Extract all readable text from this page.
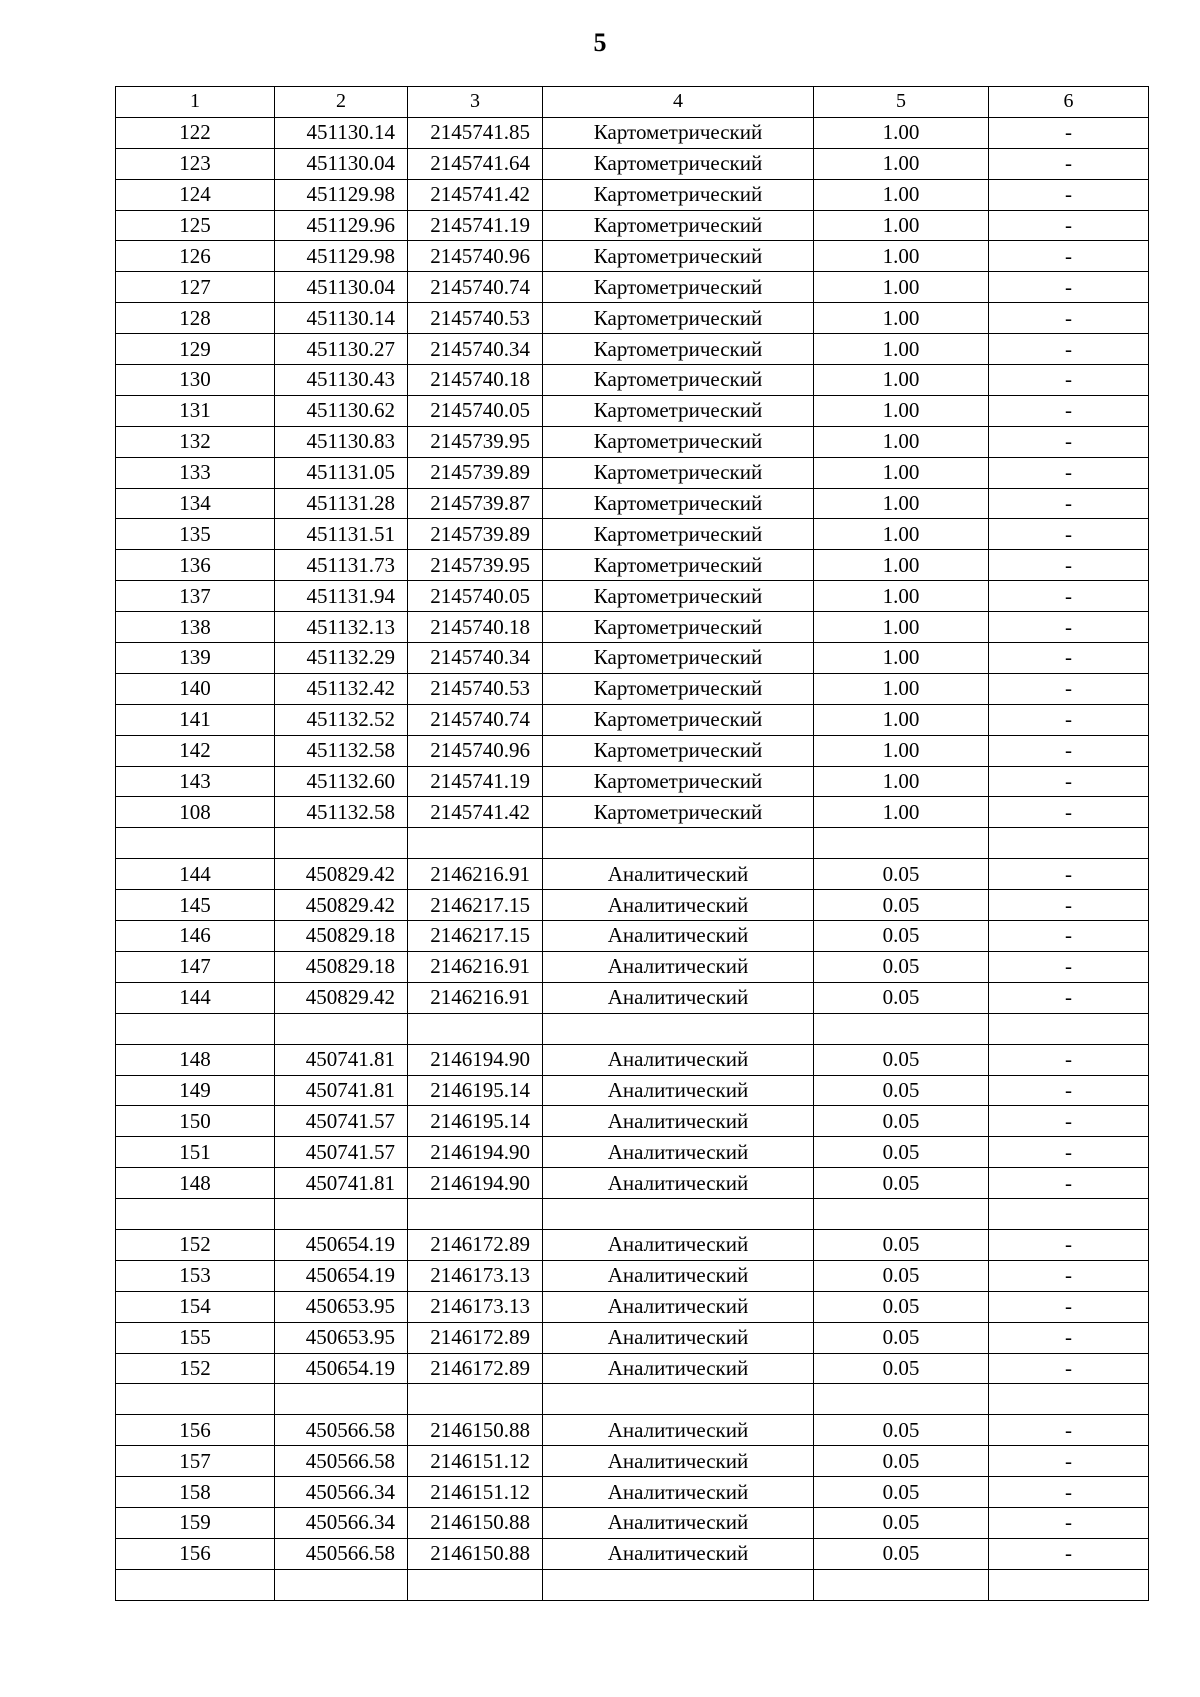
5
1	2	3	4	5	6
122	451130.14	2145741.85	Картометрический	1.00	-
123	451130.04	2145741.64	Картометрический	1.00	-
124	451129.98	2145741.42	Картометрический	1.00	-
125	451129.96	2145741.19	Картометрический	1.00	-
126	451129.98	2145740.96	Картометрический	1.00	-
127	451130.04	2145740.74	Картометрический	1.00	-
128	451130.14	2145740.53	Картометрический	1.00	-
129	451130.27	2145740.34	Картометрический	1.00	-
130	451130.43	2145740.18	Картометрический	1.00	-
131	451130.62	2145740.05	Картометрический	1.00	-
132	451130.83	2145739.95	Картометрический	1.00	-
133	451131.05	2145739.89	Картометрический	1.00	-
134	451131.28	2145739.87	Картометрический	1.00	-
135	451131.51	2145739.89	Картометрический	1.00	-
136	451131.73	2145739.95	Картометрический	1.00	-
137	451131.94	2145740.05	Картометрический	1.00	-
138	451132.13	2145740.18	Картометрический	1.00	-
139	451132.29	2145740.34	Картометрический	1.00	-
140	451132.42	2145740.53	Картометрический	1.00	-
141	451132.52	2145740.74	Картометрический	1.00	-
142	451132.58	2145740.96	Картометрический	1.00	-
143	451132.60	2145741.19	Картометрический	1.00	-
108	451132.58	2145741.42	Картометрический	1.00	-

144	450829.42	2146216.91	Аналитический	0.05	-
145	450829.42	2146217.15	Аналитический	0.05	-
146	450829.18	2146217.15	Аналитический	0.05	-
147	450829.18	2146216.91	Аналитический	0.05	-
144	450829.42	2146216.91	Аналитический	0.05	-

148	450741.81	2146194.90	Аналитический	0.05	-
149	450741.81	2146195.14	Аналитический	0.05	-
150	450741.57	2146195.14	Аналитический	0.05	-
151	450741.57	2146194.90	Аналитический	0.05	-
148	450741.81	2146194.90	Аналитический	0.05	-

152	450654.19	2146172.89	Аналитический	0.05	-
153	450654.19	2146173.13	Аналитический	0.05	-
154	450653.95	2146173.13	Аналитический	0.05	-
155	450653.95	2146172.89	Аналитический	0.05	-
152	450654.19	2146172.89	Аналитический	0.05	-

156	450566.58	2146150.88	Аналитический	0.05	-
157	450566.58	2146151.12	Аналитический	0.05	-
158	450566.34	2146151.12	Аналитический	0.05	-
159	450566.34	2146150.88	Аналитический	0.05	-
156	450566.58	2146150.88	Аналитический	0.05	-
